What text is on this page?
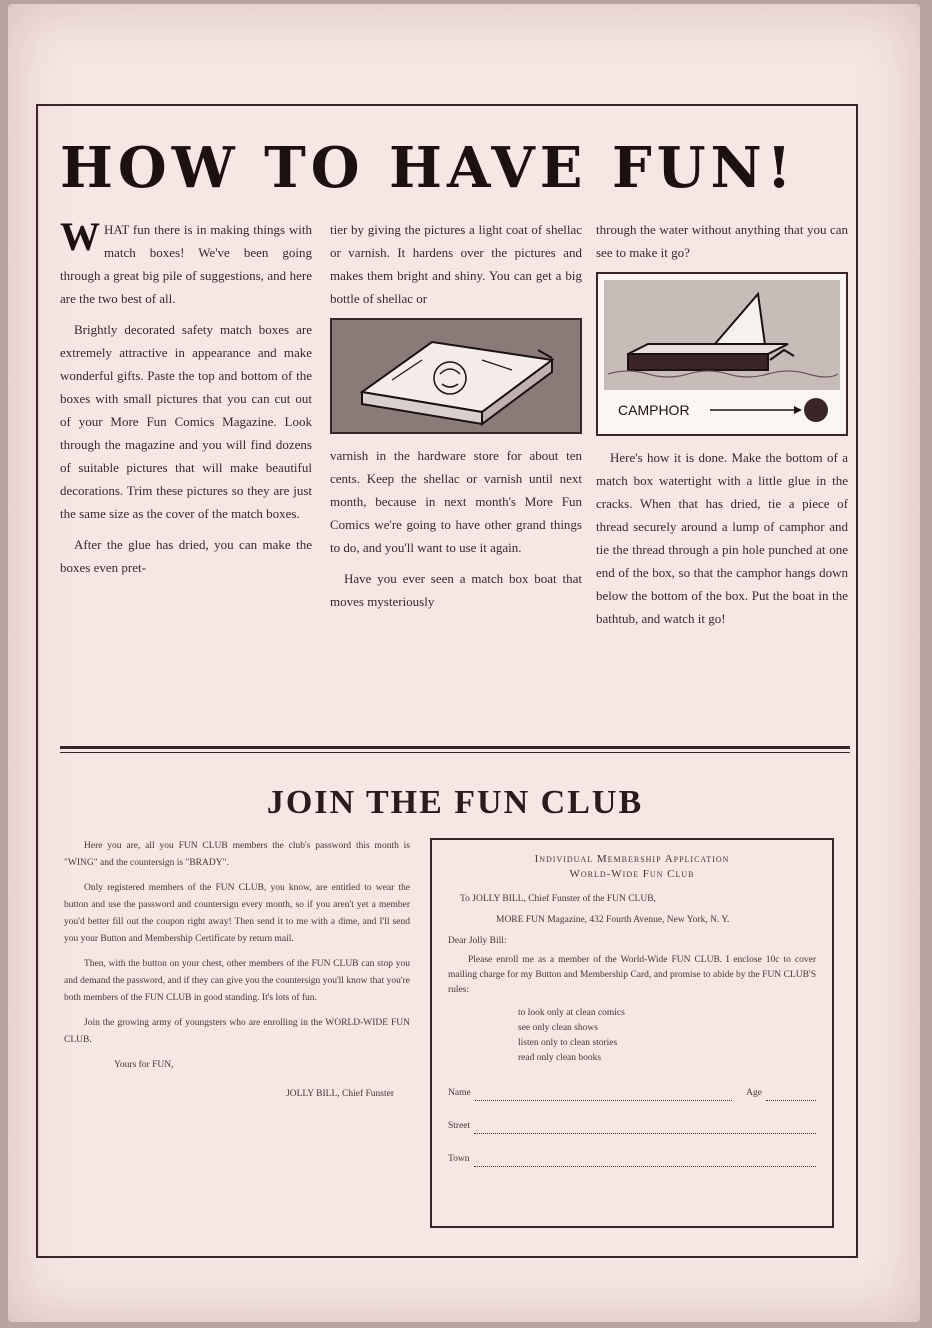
HOW TO HAVE FUN!

WHAT fun there is in making things with match boxes! We've been going through a great big pile of suggestions, and here are the two best of all.

Brightly decorated safety match boxes are extremely attractive in appearance and make wonderful gifts. Paste the top and bottom of the boxes with small pictures that you can cut out of your More Fun Comics Magazine. Look through the magazine and you will find dozens of suitable pictures that will make beautiful decorations. Trim these pictures so they are just the same size as the cover of the match boxes.

After the glue has dried, you can make the boxes even pret-

tier by giving the pictures a light coat of shellac or varnish. It hardens over the pictures and makes them bright and shiny. You can get a big bottle of shellac or

varnish in the hardware store for about ten cents. Keep the shellac or varnish until next month, because in next month's More Fun Comics we're going to have other grand things to do, and you'll want to use it again.

Have you ever seen a match box boat that moves mysteriously

through the water without anything that you can see to make it go?

CAMPHOR

Here's how it is done. Make the bottom of a match box watertight with a little glue in the cracks. When that has dried, tie a piece of thread securely around a lump of camphor and tie the thread through a pin hole punched at one end of the box, so that the camphor hangs down below the bottom of the box. Put the boat in the bathtub, and watch it go!

JOIN THE FUN CLUB

Here you are, all you FUN CLUB members the club's password this month is "WING" and the countersign is "BRADY".

Only registered members of the FUN CLUB, you know, are entitled to wear the button and use the password and countersign every month, so if you aren't yet a member you'd better fill out the coupon right away! Then send it to me with a dime, and I'll send you your Button and Membership Certificate by return mail.

Then, with the button on your chest, other members of the FUN CLUB can stop you and demand the password, and if they can give you the countersign you'll know that you're both members of the FUN CLUB in good standing. It's lots of fun.

Join the growing army of youngsters who are enrolling in the WORLD-WIDE FUN CLUB.

Yours for FUN,

JOLLY BILL, Chief Funster

Individual Membership Application

World-Wide Fun Club

To JOLLY BILL, Chief Funster of the FUN CLUB,

MORE FUN Magazine, 432 Fourth Avenue, New York, N. Y.

Dear Jolly Bill:

Please enroll me as a member of the World-Wide FUN CLUB. I enclose 10c to cover mailing charge for my Button and Membership Card, and promise to abide by the FUN CLUB'S rules:

to look only at clean comics
see only clean shows
listen only to clean stories
read only clean books
Name	Age
Street
Town
